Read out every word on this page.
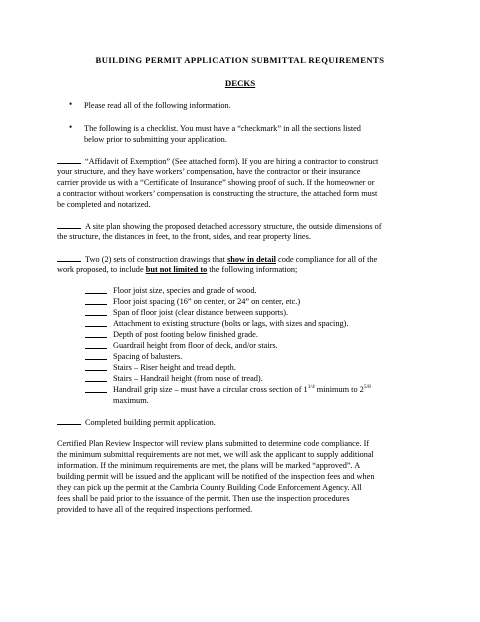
BUILDING PERMIT APPLICATION SUBMITTAL REQUIREMENTS
DECKS
• Please read all of the following information.
• The following is a checklist. You must have a “checkmark” in all the sections listed
below prior to submitting your application.
“Affidavit of Exemption” (See attached form). If you are hiring a contractor to construct
your structure, and they have workers’ compensation, have the contractor or their insurance
carrier provide us with a “Certificate of Insurance” showing proof of such. If the homeowner or
a contractor without workers’ compensation is constructing the structure, the attached form must
be completed and notarized.
A site plan showing the proposed detached accessory structure, the outside dimensions of
the structure, the distances in feet, to the front, sides, and rear property lines.
Two (2) sets of construction drawings that show in detail code compliance for all of the
work proposed, to include but not limited to the following information;
Floor joist size, species and grade of wood.
Floor joist spacing (16” on center, or 24” on center, etc.)
Span of floor joist (clear distance between supports).
Attachment to existing structure (bolts or lags, with sizes and spacing).
Depth of post footing below finished grade.
Guardrail height from floor of deck, and/or stairs.
Spacing of balusters.
Stairs – Riser height and tread depth.
Stairs – Handrail height (from nose of tread).
Handrail grip size – must have a circular cross section of $1^{1/4}$ minimum to $2^{5/8}$
maximum.
Completed building permit application.
Certified Plan Review Inspector will review plans submitted to determine code compliance. If
the minimum submittal requirements are not met, we will ask the applicant to supply additional
information. If the minimum requirements are met, the plans will be marked “approved”. A
building permit will be issued and the applicant will be notified of the inspection fees and when
they can pick up the permit at the Cambria County Building Code Enforcement Agency. All
fees shall be paid prior to the issuance of the permit. Then use the inspection procedures
provided to have all of the required inspections performed.
